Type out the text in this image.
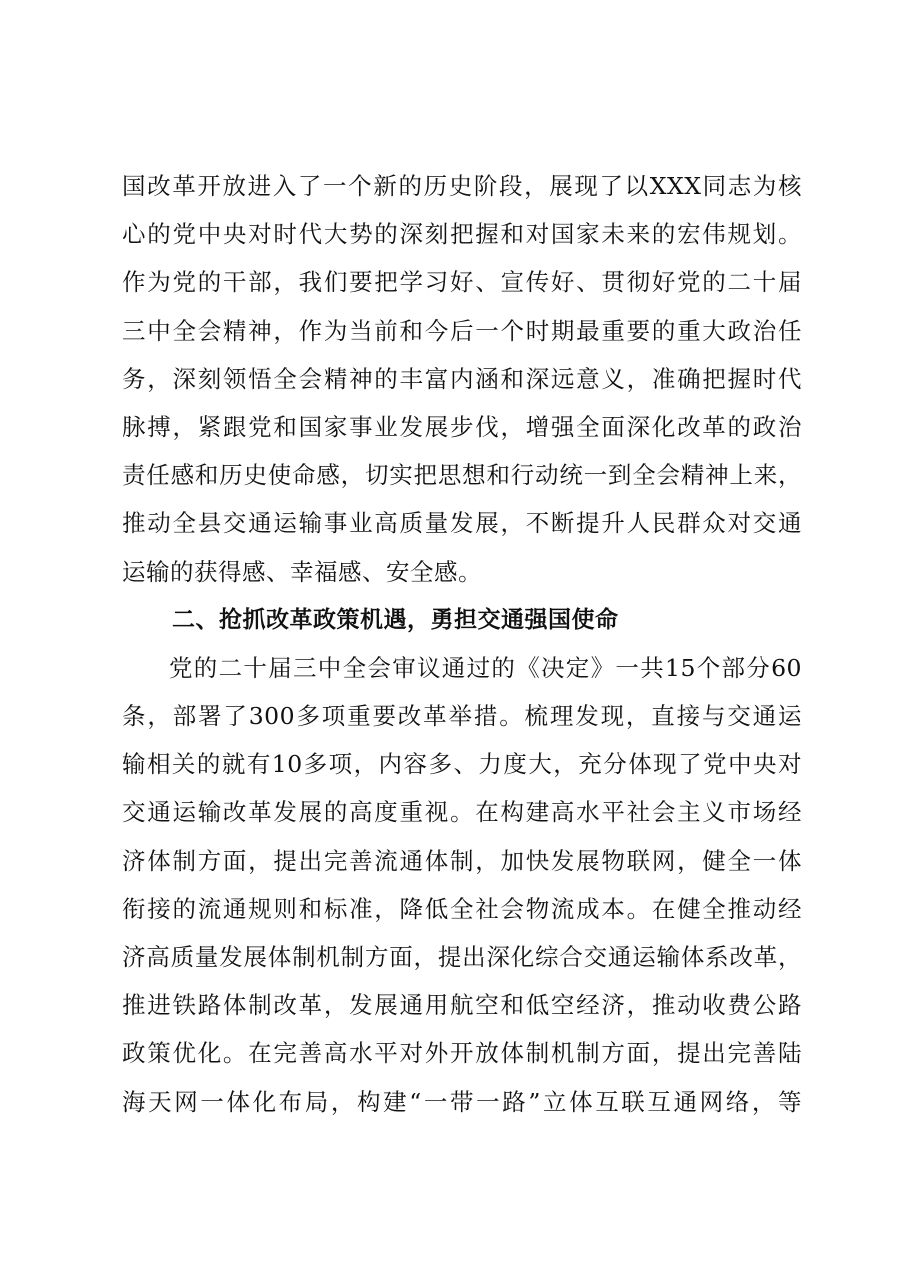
国改革开放进入了一个新的历史阶段，展现了以XXX同志为核
心的党中央对时代大势的深刻把握和对国家未来的宏伟规划。
作为党的干部，我们要把学习好、宣传好、贯彻好党的二十届
三中全会精神，作为当前和今后一个时期最重要的重大政治任
务，深刻领悟全会精神的丰富内涵和深远意义，准确把握时代
脉搏，紧跟党和国家事业发展步伐，增强全面深化改革的政治
责任感和历史使命感，切实把思想和行动统一到全会精神上来，
推动全县交通运输事业高质量发展，不断提升人民群众对交通
运输的获得感、幸福感、安全感。
二、抢抓改革政策机遇，勇担交通强国使命
党的二十届三中全会审议通过的《决定》一共15个部分60
条，部署了300多项重要改革举措。梳理发现，直接与交通运
输相关的就有10多项，内容多、力度大，充分体现了党中央对
交通运输改革发展的高度重视。在构建高水平社会主义市场经
济体制方面，提出完善流通体制，加快发展物联网，健全一体
衔接的流通规则和标准，降低全社会物流成本。在健全推动经
济高质量发展体制机制方面，提出深化综合交通运输体系改革，
推进铁路体制改革，发展通用航空和低空经济，推动收费公路
政策优化。在完善高水平对外开放体制机制方面，提出完善陆
海天网一体化布局，构建“一带一路”立体互联互通网络，等
